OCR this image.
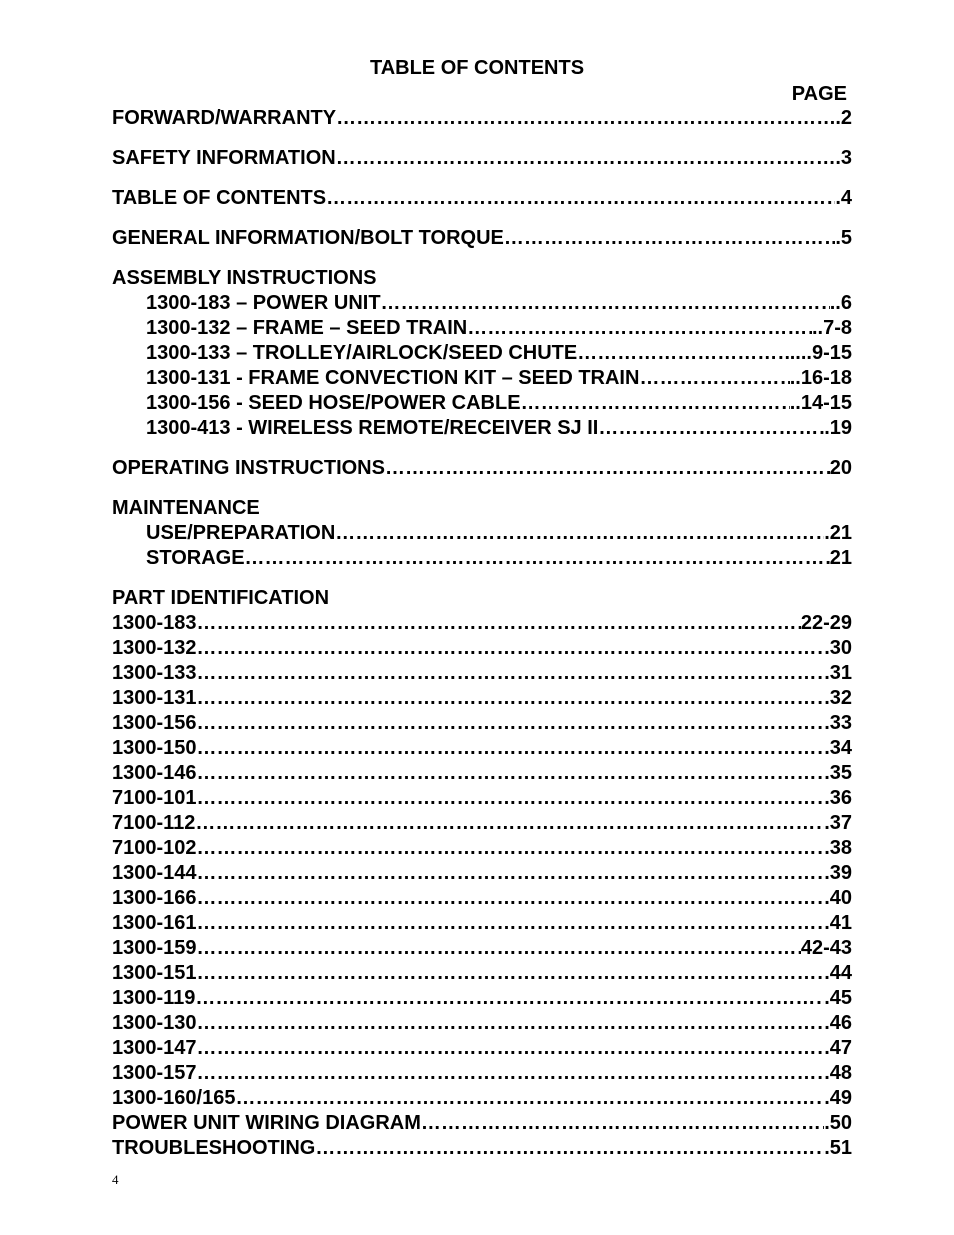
TABLE OF CONTENTS
PAGE
FORWARD/WARRANTY …………………………………………………………………………………………………………………………………………………………	.2
SAFETY INFORMATION …………………………………………………………………………………………………………………………………………………………	.3
TABLE OF CONTENTS …………………………………………………………………………………………………………………………………………………………	.4
GENERAL INFORMATION/BOLT TORQUE …………………………………………………………………………………………………………………………………………………………	.5
ASSEMBLY INSTRUCTIONS
1300-183 – POWER UNIT …………………………………………………………………………………………………………………………………………………………	..6
1300-132 – FRAME – SEED TRAIN …………………………………………………………………………………………………………………………………………………………	..7-8
1300-133 – TROLLEY/AIRLOCK/SEED CHUTE …………………………………………………………………………………………………………………………………………………………	....9-15
1300-131 - FRAME CONVECTION KIT – SEED TRAIN …………………………………………………………………………………………………………………………………………………………	..16-18
1300-156 - SEED HOSE/POWER CABLE …………………………………………………………………………………………………………………………………………………………	..14-15
1300-413 - WIRELESS REMOTE/RECEIVER SJ II …………………………………………………………………………………………………………………………………………………………	.19
OPERATING INSTRUCTIONS …………………………………………………………………………………………………………………………………………………………	20
MAINTENANCE
USE/PREPARATION …………………………………………………………………………………………………………………………………………………………	.21
STORAGE …………………………………………………………………………………………………………………………………………………………	21
PART IDENTIFICATION
1300-183 …………………………………………………………………………………………………………………………………………………………	22-29
1300-132 …………………………………………………………………………………………………………………………………………………………	.30
1300-133 …………………………………………………………………………………………………………………………………………………………	.31
1300-131 …………………………………………………………………………………………………………………………………………………………	.32
1300-156 …………………………………………………………………………………………………………………………………………………………	.33
1300-150 …………………………………………………………………………………………………………………………………………………………	.34
1300-146 …………………………………………………………………………………………………………………………………………………………	.35
7100-101 …………………………………………………………………………………………………………………………………………………………	.36
7100-112 …………………………………………………………………………………………………………………………………………………………	.37
7100-102 …………………………………………………………………………………………………………………………………………………………	.38
1300-144 …………………………………………………………………………………………………………………………………………………………	.39
1300-166 …………………………………………………………………………………………………………………………………………………………	.40
1300-161 …………………………………………………………………………………………………………………………………………………………	.41
1300-159 …………………………………………………………………………………………………………………………………………………………	42-43
1300-151 …………………………………………………………………………………………………………………………………………………………	.44
1300-119 …………………………………………………………………………………………………………………………………………………………	.45
1300-130 …………………………………………………………………………………………………………………………………………………………	.46
1300-147 …………………………………………………………………………………………………………………………………………………………	.47
1300-157 …………………………………………………………………………………………………………………………………………………………	.48
1300-160/165 …………………………………………………………………………………………………………………………………………………………	.49
POWER UNIT WIRING DIAGRAM …………………………………………………………………………………………………………………………………………………………	.50
TROUBLESHOOTING …………………………………………………………………………………………………………………………………………………………	.51
4
